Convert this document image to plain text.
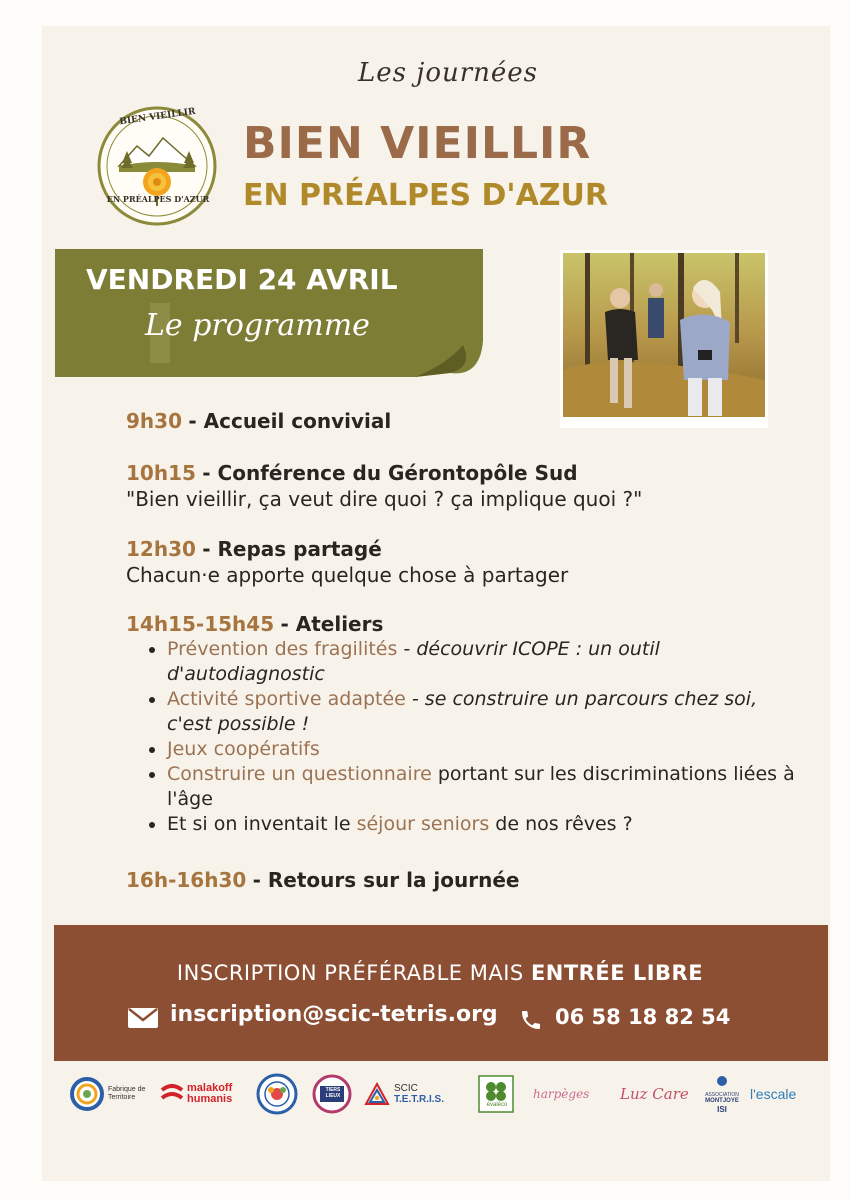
Les journées
BIEN VIEILLIR
EN PRÉALPES D'AZUR
BIEN VIEILLIR
EN PRÉALPES D'AZUR
VENDREDI 24 AVRIL
Le programme
9h30 - Accueil convivial
10h15 - Conférence du Gérontopôle Sud
"Bien vieillir, ça veut dire quoi ? ça implique quoi ?"
12h30 - Repas partagé
Chacun·e apporte quelque chose à partager
14h15-15h45 - Ateliers
• Prévention des fragilités - découvrir ICOPE : un outil d'autodiagnostic
• Activité sportive adaptée - se construire un parcours chez soi, c'est possible !
• Jeux coopératifs
• Construire un questionnaire portant sur les discriminations liées à l'âge
• Et si on inventait le séjour seniors de nos rêves ?
16h-16h30 - Retours sur la journée
INSCRIPTION PRÉFÉRABLE MAIS ENTRÉE LIBRE
inscription@scic-tetris.org	06 58 18 82 54
Fabrique de Territoire
malakoff
humanis
TIERS LIEUX
SCIC
T.E.T.R.I.S.	évaléco
harpèges Luz Care	ASSOCIATION
MONTJOYE
ISI
l'escale
